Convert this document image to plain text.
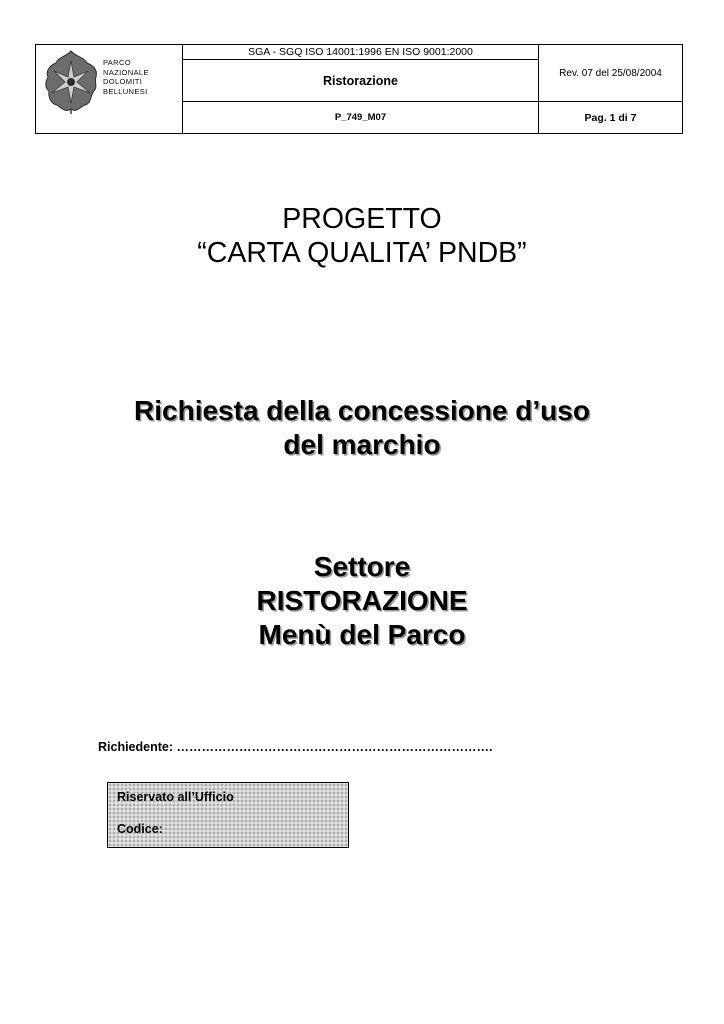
PARCO
NAZIONALE
DOLOMITI
BELLUNESI	SGA - SGQ ISO 14001:1996 EN ISO 9001:2000	Rev. 07 del 25/08/2004
	Ristorazione	
	P_749_M07	Pag. 1 di 7
PROGETTO
“CARTA QUALITA’ PNDB”
Richiesta della concessione d’uso
del marchio
Settore
RISTORAZIONE
Menù del Parco
Richiedente: ………………………………………………………………….
Riservato all’Ufficio
Codice:
